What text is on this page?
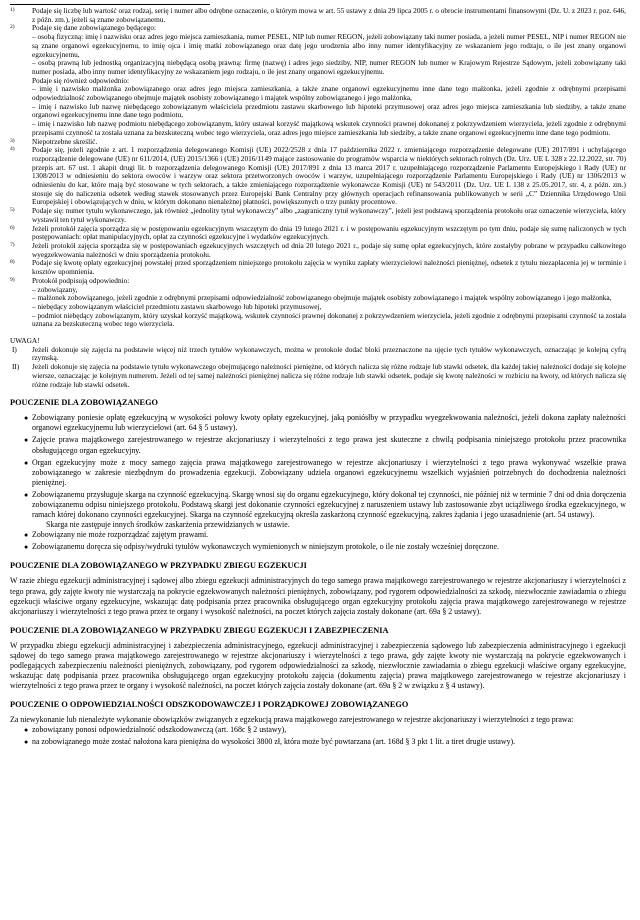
1)	Podaje się liczbę lub wartość oraz rodzaj, serię i numer albo odrębne oznaczenie, o którym mowa w art. 55 ustawy z dnia 29 lipca 2005 r. o obrocie instrumentami finansowymi (Dz. U. z 2023 r. poz. 646, z późn. zm.), jeżeli są znane zobowiązanemu.

2)	Podaje się dane zobowiązanego będącego:

– osobą fizyczną: imię i nazwisko oraz adres jego miejsca zamieszkania, numer PESEL, NIP lub numer REGON, jeżeli zobowiązany taki numer posiada, a jeżeli numer PESEL, NIP i numer REGON nie są znane organowi egzekucyjnemu, to imię ojca i imię matki zobowiązanego oraz datę jego urodzenia albo inny numer identyfikacyjny ze wskazaniem jego rodzaju, o ile jest znany organowi egzekucyjnemu,

– osobą prawną lub jednostką organizacyjną niebędącą osobą prawną: firmę (nazwę) i adres jego siedziby, NIP, numer REGON lub numer w Krajowym Rejestrze Sądowym, jeżeli zobowiązany taki numer posiada, albo inny numer identyfikacyjny ze wskazaniem jego rodzaju, o ile jest znany organowi egzekucyjnemu.

Podaje się również odpowiednio:

– imię i nazwisko małżonka zobowiązanego oraz adres jego miejsca zamieszkania, a także znane organowi egzekucyjnemu inne dane tego małżonka, jeżeli zgodnie z odrębnymi przepisami odpowiedzialność zobowiązanego obejmuje majątek osobisty zobowiązanego i majątek wspólny zobowiązanego i jego małżonka,

– imię i nazwisko lub nazwę niebędącego zobowiązanym właściciela przedmiotu zastawu skarbowego lub hipoteki przymusowej oraz adres jego miejsca zamieszkania lub siedziby, a także znane organowi egzekucyjnemu inne dane tego podmiotu,

– imię i nazwisko lub nazwę podmiotu niebędącego zobowiązanym, który ustawał korzyść majątkową wskutek czynności prawnej dokonanej z pokrzywdzeniem wierzyciela, jeżeli zgodnie z odrębnymi przepisami czynność ta została uznana za bezskuteczną wobec tego wierzyciela, oraz adres jego miejsce zamieszkania lub siedziby, a także znane organowi egzekucyjnemu inne dane tego podmiotu.

3)	Niepotrzebne skreślić.

4)	Podaje się, jeżeli zgodnie z art. 1 rozporządzenia delegowanego Komisji (UE) 2022/2528 z dnia 17 października 2022 r. zmieniającego rozporządzenie delegowane (UE) 2017/891 i uchylającego rozporządzenie delegowane (UE) nr 611/2014, (UE) 2015/1366 i (UE) 2016/1149 mające zastosowanie do programów wsparcia w niektórych sektorach rolnych (Dz. Urz. UE L 328 z 22.12.2022, str. 70) przepis art. 67 ust. 1 akapit drugi lit. b rozporządzenia delegowanego Komisji (UE) 2017/891 z dnia 13 marca 2017 r. uzupełniającego rozporządzenie Parlamentu Europejskiego i Rady (UE) nr 1308/2013 w odniesieniu do sektora owoców i warzyw oraz sektora przetworzonych owoców i warzyw, uzupełniającego rozporządzenie Parlamentu Europejskiego i Rady (UE) nr 1306/2013 w odniesieniu do kar, które mają być stosowane w tych sektorach, a także zmieniającego rozporządzenie wykonawcze Komisji (UE) nr 543/2011 (Dz. Urz. UE L 138 z 25.05.2017, str. 4, z późn. zm.) stosuje się do naliczenia odsetek według stawek stosowanych przez Europejski Bank Centralny przy głównych operacjach refinansowania publikowanych w serii „C” Dziennika Urzędowego Unii Europejskiej i obowiązujących w dniu, w którym dokonano nienależnej płatności, powiększonych o trzy punkty procentowe.

5)	Podaje się: numer tytułu wykonawczego, jak również „jednolity tytuł wykonawczy” albo „zagraniczny tytuł wykonawczy”, jeżeli jest podstawą sporządzenia protokołu oraz oznaczenie wierzyciela, który wystawił ten tytuł wykonawczy.

6)	Jeżeli protokół zajęcia sporządza się w postępowaniu egzekucyjnym wszczętym do dnia 19 lutego 2021 r. i w postępowaniu egzekucyjnym wszczętym po tym dniu, podaje się sumę naliczonych w tych postępowaniach: opłat manipulacyjnych, opłat za czynności egzekucyjne i wydatków egzekucyjnych.

7)	Jeżeli protokół zajęcia sporządza się w postępowaniach egzekucyjnych wszczętych od dnia 20 lutego 2021 r., podaje się sumę opłat egzekucyjnych, które zostałyby pobrane w przypadku całkowitego wyegzekwowania należności w dniu sporządzenia protokołu.

8)	Podaje się kwotę opłaty egzekucyjnej powstałej przed sporządzeniem niniejszego protokołu zajęcia w wyniku zapłaty wierzycielowi należności pieniężnej, odsetek z tytułu niezapłacenia jej w terminie i kosztów upomnienia.

9)	Protokół podpisują odpowiednio:

– zobowiązany,

– małżonek zobowiązanego, jeżeli zgodnie z odrębnymi przepisami odpowiedzialność zobowiązanego obejmuje majątek osobisty zobowiązanego i majątek wspólny zobowiązanego i jego małżonka,

– niebędący zobowiązanym właściciel przedmiotu zastawu skarbowego lub hipoteki przymusowej,

– podmiot niebędący zobowiązanym, który uzyskał korzyść majątkową, wskutek czynności prawnej dokonanej z pokrzywdzeniem wierzyciela, jeżeli zgodnie z odrębnymi przepisami czynność ta została uznana za bezskuteczną wobec tego wierzyciela.

UWAGA!

I)	Jeżeli dokonuje się zajęcia na podstawie więcej niż trzech tytułów wykonawczych, można w protokole dodać bloki przeznaczone na ujęcie tych tytułów wykonawczych, oznaczając je kolejną cyfrą rzymską.
II)	Jeżeli dokonuje się zajęcia na podstawie tytułu wykonawczego obejmującego należności pieniężne, od których nalicza się różne rodzaje lub stawki odsetek, dla każdej takiej należności dodaje się kolejne wiersze, oznaczając je kolejnym numerem. Jeżeli od tej samej należności pieniężnej nalicza się różne rodzaje lub stawki odsetek, podaje się kwotę należności w rozbiciu na kwoty, od których nalicza się różne rodzaje lub stawki odsetek.
POUCZENIE DLA ZOBOWIĄZANEGO
● Zobowiązany poniesie opłatę egzekucyjną w wysokości połowy kwoty opłaty egzekucyjnej, jaką poniósłby w przypadku wyegzekwowania należności, jeżeli dokona zapłaty należności organowi egzekucyjnemu lub wierzycielowi (art. 64 § 5 ustawy).
● Zajęcie prawa majątkowego zarejestrowanego w rejestrze akcjonariuszy i wierzytelności z tego prawa jest skuteczne z chwilą podpisania niniejszego protokołu przez pracownika obsługującego organ egzekucyjny.
● Organ egzekucyjny może z mocy samego zajęcia prawa majątkowego zarejestrowanego w rejestrze akcjonariuszy i wierzytelności z tego prawa wykonywać wszelkie prawa zobowiązanego w zakresie niezbędnym do prowadzenia egzekucji. Zobowiązany udziela organowi egzekucyjnemu wszelkich wyjaśnień potrzebnych do dochodzenia należności pieniężnej.
● Zobowiązanemu przysługuje skarga na czynność egzekucyjną. Skargę wnosi się do organu egzekucyjnego, który dokonał tej czynności, nie później niż w terminie 7 dni od dnia doręczenia zobowiązanemu odpisu niniejszego protokołu. Podstawą skargi jest dokonanie czynności egzekucyjnej z naruszeniem ustawy lub zastosowanie zbyt uciążliwego środka egzekucyjnego, w ramach której dokonano czynności egzekucyjnej. Skarga na czynność egzekucyjną określa zaskarżoną czynność egzekucyjną, zakres żądania i jego uzasadnienie (art. 54 ustawy).

Skarga nie zastępuje innych środków zaskarżenia przewidzianych w ustawie.

● Zobowiązany nie może rozporządzać zajętym prawami.
● Zobowiązanemu doręcza się odpisy/wydruki tytułów wykonawczych wymienionych w niniejszym protokole, o ile nie zostały wcześniej doręczone.
POUCZENIE DLA ZOBOWIĄZANEGO W PRZYPADKU ZBIEGU EGZEKUCJI

W razie zbiegu egzekucji administracyjnej i sądowej albo zbiegu egzekucji administracyjnych do tego samego prawa majątkowego zarejestrowanego w rejestrze akcjonariuszy i wierzytelności z tego prawa, gdy zajęte kwoty nie wystarczają na pokrycie egzekwowanych należności pieniężnych, zobowiązany, pod rygorem odpowiedzialności za szkodę, niezwłocznie zawiadamia o zbiegu egzekucji właściwe organy egzekucyjne, wskazując datę podpisania przez pracownika obsługującego organ egzekucyjny protokołu zajęcia prawa majątkowego zarejestrowanego w rejestrze akcjonariuszy i wierzytelności z tego prawa przez te organy i wysokość należności, na poczet których zajęcia zostały dokonane (art. 69a § 2 ustawy).

POUCZENIE DLA ZOBOWIĄZANEGO W PRZYPADKU ZBIEGU EGZEKUCJI I ZABEZPIECZENIA

W przypadku zbiegu egzekucji administracyjnej i zabezpieczenia administracyjnego, egzekucji administracyjnej i zabezpieczenia sądowego lub zabezpieczenia administracyjnego i egzekucji sądowej do tego samego prawa majątkowego zarejestrowanego w rejestrze akcjonariuszy i wierzytelności z tego prawa, gdy zajęte kwoty nie wystarczają na pokrycie egzekwowanych i podlegających zabezpieczeniu należności pieniężnych, zobowiązany, pod rygorem odpowiedzialności za szkodę, niezwłocznie zawiadamia o zbiegu egzekucji właściwe organy egzekucyjne, wskazując datę podpisania przez pracownika obsługującego organ egzekucyjny protokołu zajęcia (dokumentu zajęcia) prawa majątkowego zarejestrowanego w rejestrze akcjonariuszy i wierzytelności z tego prawa przez te organy i wysokość należności, na poczet których zajęcia zostały dokonane (art. 69a § 2 w związku z § 4 ustawy).

POUCZENIE O ODPOWIEDZIALNOŚCI ODSZKODOWAWCZEJ I PORZĄDKOWEJ ZOBOWIĄZANEGO

Za niewykonanie lub nienależyte wykonanie obowiązków związanych z egzekucją prawa majątkowego zarejestrowanego w rejestrze akcjonariuszy i wierzytelności z tego prawa:

● zobowiązany ponosi odpowiedzialność odszkodowawczą (art. 168c § 2 ustawy),
● na zobowiązanego może zostać nałożona kara pieniężna do wysokości 3800 zł, która może być powtarzana (art. 168d § 3 pkt 1 lit. a tiret drugie ustawy).
